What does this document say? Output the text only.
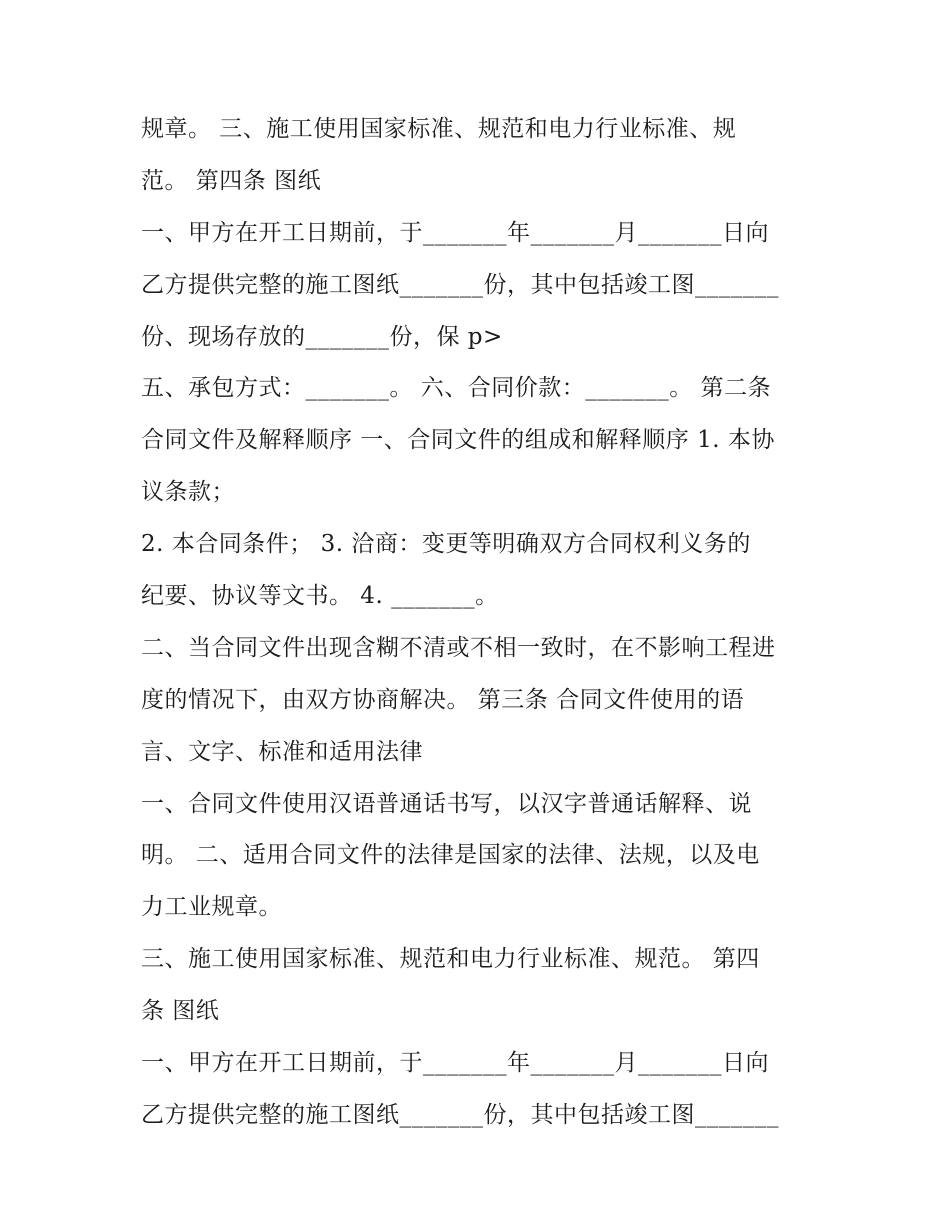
规章。 三、施工使用国家标准、规范和电力行业标准、规
范。 第四条 图纸
一、甲方在开工日期前，于_______年_______月_______日向
乙方提供完整的施工图纸_______份，其中包括竣工图_______
份、现场存放的_______份，保 p>
五、承包方式：_______。 六、合同价款：_______。 第二条
合同文件及解释顺序 一、合同文件的组成和解释顺序 1. 本协
议条款；
2. 本合同条件； 3. 洽商：变更等明确双方合同权利义务的
纪要、协议等文书。 4. _______。
二、当合同文件出现含糊不清或不相一致时，在不影响工程进
度的情况下，由双方协商解决。 第三条 合同文件使用的语
言、文字、标准和适用法律
一、合同文件使用汉语普通话书写，以汉字普通话解释、说
明。 二、适用合同文件的法律是国家的法律、法规，以及电
力工业规章。
三、施工使用国家标准、规范和电力行业标准、规范。 第四
条 图纸
一、甲方在开工日期前，于_______年_______月_______日向
乙方提供完整的施工图纸_______份，其中包括竣工图_______
